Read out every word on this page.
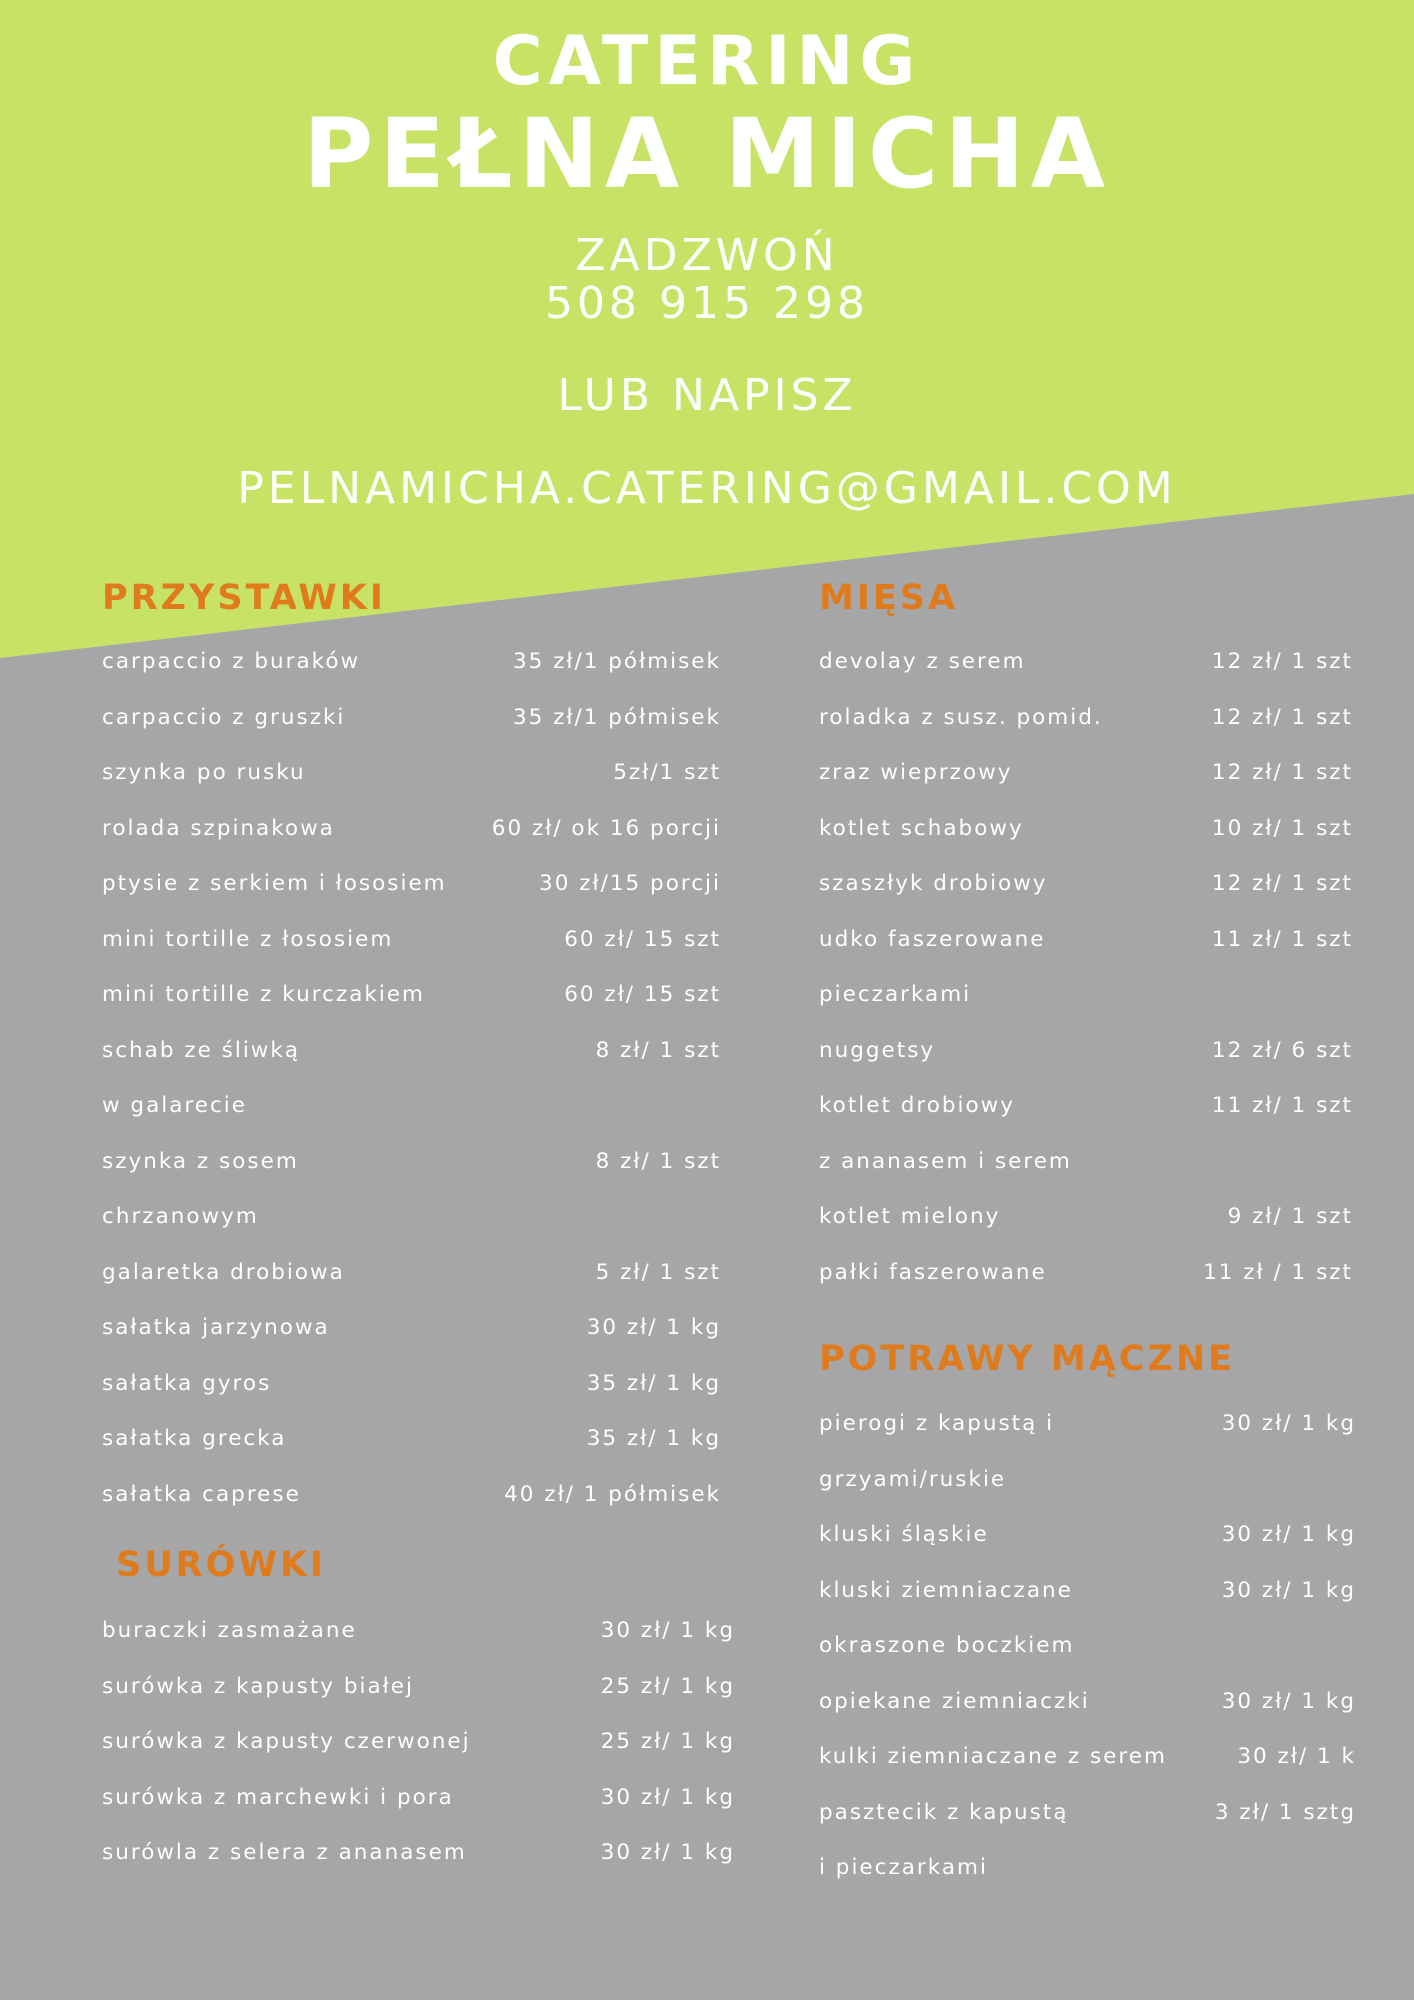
CATERING
PEŁNA MICHA
ZADZWOŃ
508 915 298
LUB NAPISZ
PELNAMICHA.CATERING@GMAIL.COM
PRZYSTAWKI
carpaccio z buraków	35 zł/1 półmisek
carpaccio z gruszki	35 zł/1 półmisek
szynka po rusku	5zł/1 szt
rolada szpinakowa	60 zł/ ok 16 porcji
ptysie z serkiem i łososiem	30 zł/15 porcji
mini tortille z łososiem	60 zł/ 15 szt
mini tortille z kurczakiem	60 zł/ 15 szt
schab ze śliwką	8 zł/ 1 szt
w galarecie
szynka z sosem	8 zł/ 1 szt
chrzanowym
galaretka drobiowa	5 zł/ 1 szt
sałatka jarzynowa	30 zł/ 1 kg
sałatka gyros	35 zł/ 1 kg
sałatka grecka	35 zł/ 1 kg
sałatka caprese	40 zł/ 1 półmisek
SURÓWKI
buraczki zasmażane	30 zł/ 1 kg
surówka z kapusty białej	25 zł/ 1 kg
surówka z kapusty czerwonej	25 zł/ 1 kg
surówka z marchewki i pora	30 zł/ 1 kg
surówla z selera z ananasem	30 zł/ 1 kg
MIĘSA
devolay z serem	12 zł/ 1 szt
roladka z susz. pomid.	12 zł/ 1 szt
zraz wieprzowy	12 zł/ 1 szt
kotlet schabowy	10 zł/ 1 szt
szaszłyk drobiowy	12 zł/ 1 szt
udko faszerowane	11 zł/ 1 szt
pieczarkami
nuggetsy	12 zł/ 6 szt
kotlet drobiowy	11 zł/ 1 szt
z ananasem i serem
kotlet mielony	9 zł/ 1 szt
pałki faszerowane	11 zł / 1 szt
POTRAWY MĄCZNE
pierogi z kapustą i	30 zł/ 1 kg
grzyami/ruskie
kluski śląskie	30 zł/ 1 kg
kluski ziemniaczane	30 zł/ 1 kg
okraszone boczkiem
opiekane ziemniaczki	30 zł/ 1 kg
kulki ziemniaczane z serem	30 zł/ 1 k
pasztecik z kapustą	3 zł/ 1 sztg
i pieczarkami
